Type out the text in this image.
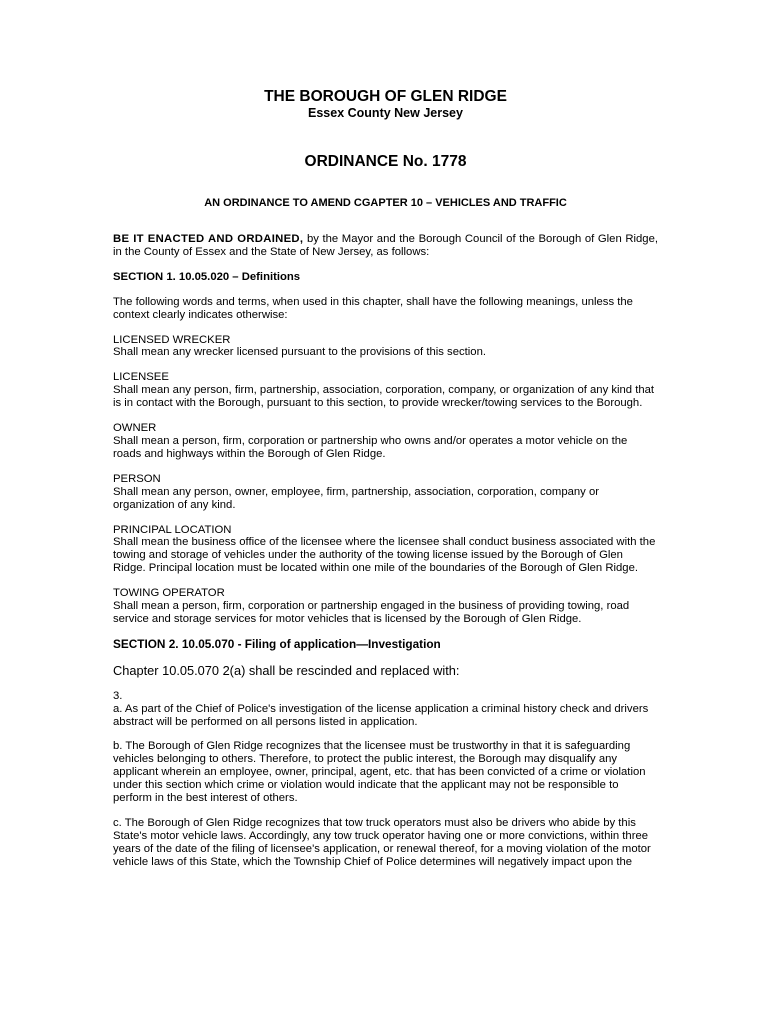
THE BOROUGH OF GLEN RIDGE

Essex County New Jersey

ORDINANCE No. 1778

AN ORDINANCE TO AMEND CGAPTER 10 – VEHICLES AND TRAFFIC

BE IT ENACTED AND ORDAINED, by the Mayor and the Borough Council of the Borough of Glen Ridge, in the County of Essex and the State of New Jersey, as follows:

SECTION 1. 10.05.020 – Definitions

The following words and terms, when used in this chapter, shall have the following meanings, unless the context clearly indicates otherwise:

LICENSED WRECKER

Shall mean any wrecker licensed pursuant to the provisions of this section.

LICENSEE

Shall mean any person, firm, partnership, association, corporation, company, or organization of any kind that is in contact with the Borough, pursuant to this section, to provide wrecker/towing services to the Borough.

OWNER

Shall mean a person, firm, corporation or partnership who owns and/or operates a motor vehicle on the roads and highways within the Borough of Glen Ridge.

PERSON

Shall mean any person, owner, employee, firm, partnership, association, corporation, company or organization of any kind.

PRINCIPAL LOCATION

Shall mean the business office of the licensee where the licensee shall conduct business associated with the towing and storage of vehicles under the authority of the towing license issued by the Borough of Glen Ridge. Principal location must be located within one mile of the boundaries of the Borough of Glen Ridge.

TOWING OPERATOR

Shall mean a person, firm, corporation or partnership engaged in the business of providing towing, road service and storage services for motor vehicles that is licensed by the Borough of Glen Ridge.

SECTION 2. 10.05.070 - Filing of application—Investigation

Chapter 10.05.070 2(a) shall be rescinded and replaced with:

3.

a. As part of the Chief of Police's investigation of the license application a criminal history check and drivers abstract will be performed on all persons listed in application.

b. The Borough of Glen Ridge recognizes that the licensee must be trustworthy in that it is safeguarding vehicles belonging to others. Therefore, to protect the public interest, the Borough may disqualify any applicant wherein an employee, owner, principal, agent, etc. that has been convicted of a crime or violation under this section which crime or violation would indicate that the applicant may not be responsible to perform in the best interest of others.

c. The Borough of Glen Ridge recognizes that tow truck operators must also be drivers who abide by this State's motor vehicle laws. Accordingly, any tow truck operator having one or more convictions, within three years of the date of the filing of licensee's application, or renewal thereof, for a moving violation of the motor vehicle laws of this State, which the Township Chief of Police determines will negatively impact upon the
